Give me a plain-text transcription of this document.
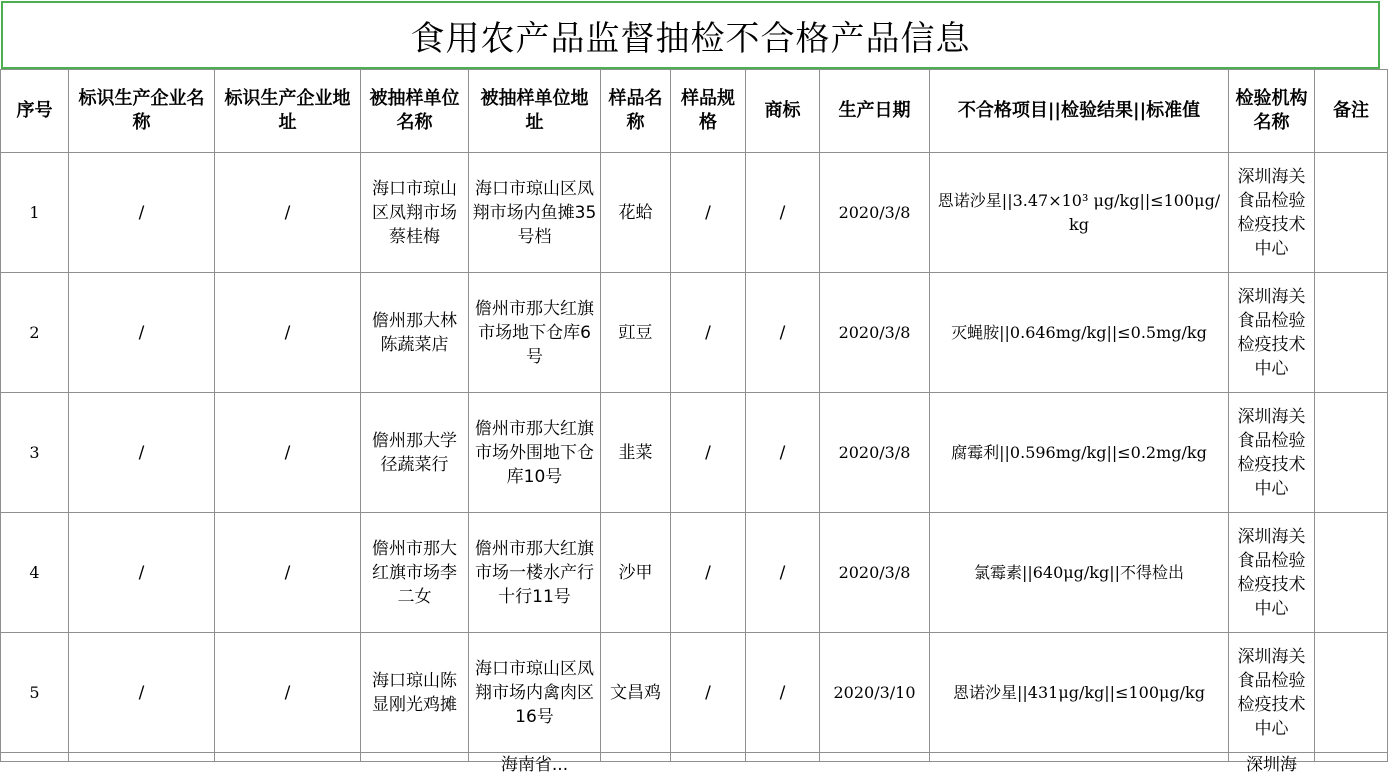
食用农产品监督抽检不合格产品信息
序号	标识生产企业名称	标识生产企业地址	被抽样单位名称	被抽样单位地址	样品名称	样品规格	商标	生产日期	不合格项目||检验结果||标准值	检验机构名称	备注
1	/	/	海口市琼山区凤翔市场蔡桂梅	海口市琼山区凤翔市场内鱼摊35号档	花蛤	/	/	2020/3/8	恩诺沙星||3.47×10³ μg/kg||≤100μg/kg	深圳海关食品检验检疫技术中心	
2	/	/	儋州那大林陈蔬菜店	儋州市那大红旗市场地下仓库6号	豇豆	/	/	2020/3/8	灭蝇胺||0.646mg/kg||≤0.5mg/kg	深圳海关食品检验检疫技术中心	
3	/	/	儋州那大学径蔬菜行	儋州市那大红旗市场外围地下仓库10号	韭菜	/	/	2020/3/8	腐霉利||0.596mg/kg||≤0.2mg/kg	深圳海关食品检验检疫技术中心	
4	/	/	儋州市那大红旗市场李二女	儋州市那大红旗市场一楼水产行十行11号	沙甲	/	/	2020/3/8	氯霉素||640μg/kg||不得检出	深圳海关食品检验检疫技术中心	
5	/	/	海口琼山陈显刚光鸡摊	海口市琼山区凤翔市场内禽肉区16号	文昌鸡	/	/	2020/3/10	恩诺沙星||431μg/kg||≤100μg/kg	深圳海关食品检验检疫技术中心	

				海南省...						深圳海	
